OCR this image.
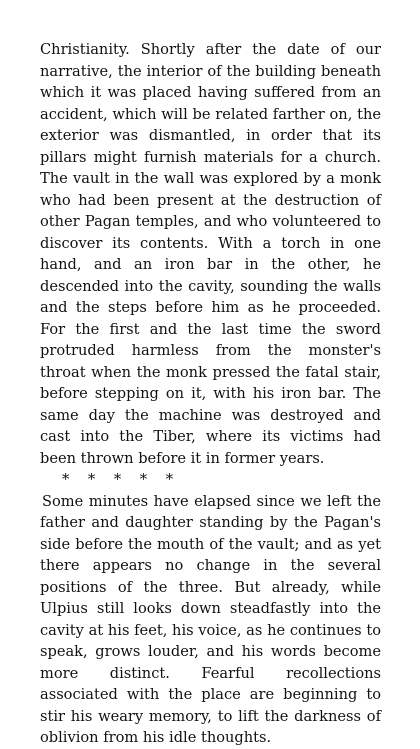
Christianity. Shortly after the date of our narrative, the interior of the building beneath which it was placed having suffered from an accident, which will be related farther on, the exterior was dismantled, in order that its pillars might furnish materials for a church. The vault in the wall was explored by a monk who had been present at the destruction of other Pagan temples, and who volunteered to discover its contents. With a torch in one hand, and an iron bar in the other, he descended into the cavity, sounding the walls and the steps before him as he proceeded. For the first and the last time the sword protruded harmless from the monster's throat when the monk pressed the fatal stair, before stepping on it, with his iron bar. The same day the machine was destroyed and cast into the Tiber, where its victims had been thrown before it in former years.

* * * * *

Some minutes have elapsed since we left the father and daughter standing by the Pagan's side before the mouth of the vault; and as yet there appears no change in the several positions of the three. But already, while Ulpius still looks down steadfastly into the cavity at his feet, his voice, as he continues to speak, grows louder, and his words become more distinct. Fearful recollections associated with the place are beginning to stir his weary memory, to lift the darkness of oblivion from his idle thoughts.
